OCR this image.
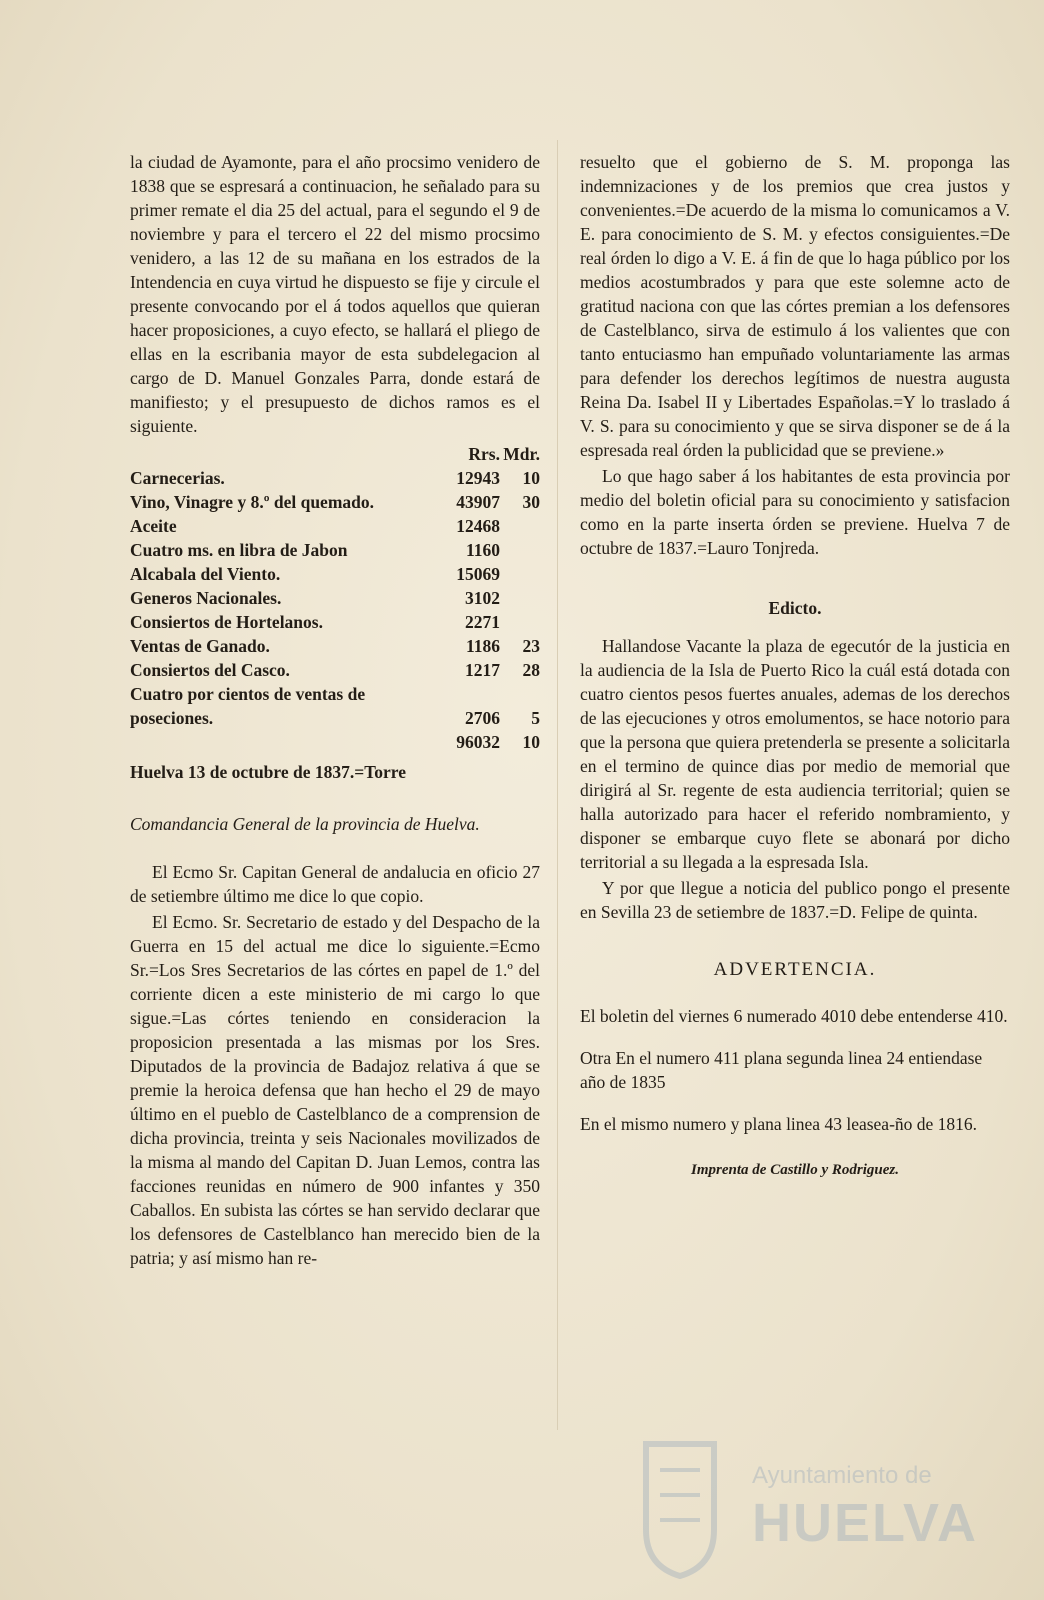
la ciudad de Ayamonte, para el año procsimo venidero de 1838 que se espresará a continuacion, he señalado para su primer remate el dia 25 del actual, para el segundo el 9 de noviembre y para el tercero el 22 del mismo procsimo venidero, a las 12 de su mañana en los estrados de la Intendencia en cuya virtud he dispuesto se fije y circule el presente convocando por el á todos aquellos que quieran hacer proposiciones, a cuyo efecto, se hallará el pliego de ellas en la escribania mayor de esta subdelegacion al cargo de D. Manuel Gonzales Parra, donde estará de manifiesto; y el presupuesto de dichos ramos es el siguiente.

	Rrs.	Mdr.
Carnecerias.	12943	10
Vino, Vinagre y 8.º del quemado.	43907	30
Aceite	12468	
Cuatro ms. en libra de Jabon	1160	
Alcabala del Viento.	15069	
Generos Nacionales.	3102	
Consiertos de Hortelanos.	2271	
Ventas de Ganado.	1186	23
Consiertos del Casco.	1217	28
Cuatro por cientos de ventas de poseciones.	2706	5
	96032	10

Huelva 13 de octubre de 1837.=Torre

Comandancia General de la provincia de Huelva.

El Ecmo Sr. Capitan General de andalucia en oficio 27 de setiembre último me dice lo que copio.

El Ecmo. Sr. Secretario de estado y del Despacho de la Guerra en 15 del actual me dice lo siguiente.=Ecmo Sr.=Los Sres Secretarios de las córtes en papel de 1.º del corriente dicen a este ministerio de mi cargo lo que sigue.=Las córtes teniendo en consideracion la proposicion presentada a las mismas por los Sres. Diputados de la provincia de Badajoz relativa á que se premie la heroica defensa que han hecho el 29 de mayo último en el pueblo de Castelblanco de a comprension de dicha provincia, treinta y seis Nacionales movilizados de la misma al mando del Capitan D. Juan Lemos, contra las facciones reunidas en número de 900 infantes y 350 Caballos. En subista las córtes se han servido declarar que los defensores de Castelblanco han merecido bien de la patria; y así mismo han re-

resuelto que el gobierno de S. M. proponga las indemnizaciones y de los premios que crea justos y convenientes.=De acuerdo de la misma lo comunicamos a V. E. para conocimiento de S. M. y efectos consiguientes.=De real órden lo digo a V. E. á fin de que lo haga público por los medios acostumbrados y para que este solemne acto de gratitud naciona con que las córtes premian a los defensores de Castelblanco, sirva de estimulo á los valientes que con tanto entuciasmo han empuñado voluntariamente las armas para defender los derechos legítimos de nuestra augusta Reina Da. Isabel II y Libertades Españolas.=Y lo traslado á V. S. para su conocimiento y que se sirva disponer se de á la espresada real órden la publicidad que se previene.»

Lo que hago saber á los habitantes de esta provincia por medio del boletin oficial para su conocimiento y satisfacion como en la parte inserta órden se previene. Huelva 7 de octubre de 1837.=Lauro Tonjreda.

Edicto.

Hallandose Vacante la plaza de egecutór de la justicia en la audiencia de la Isla de Puerto Rico la cuál está dotada con cuatro cientos pesos fuertes anuales, ademas de los derechos de las ejecuciones y otros emolumentos, se hace notorio para que la persona que quiera pretenderla se presente a solicitarla en el termino de quince dias por medio de memorial que dirigirá al Sr. regente de esta audiencia territorial; quien se halla autorizado para hacer el referido nombramiento, y disponer se embarque cuyo flete se abonará por dicho territorial a su llegada a la espresada Isla.

Y por que llegue a noticia del publico pongo el presente en Sevilla 23 de setiembre de 1837.=D. Felipe de quinta.

ADVERTENCIA.

El boletin del viernes 6 numerado 4010 debe entenderse 410.

Otra En el numero 411 plana segunda linea 24 entiendase año de 1835

En el mismo numero y plana linea 43 leasea-ño de 1816.

Imprenta de Castillo y Rodriguez.

Ayuntamiento de
HUELVA
